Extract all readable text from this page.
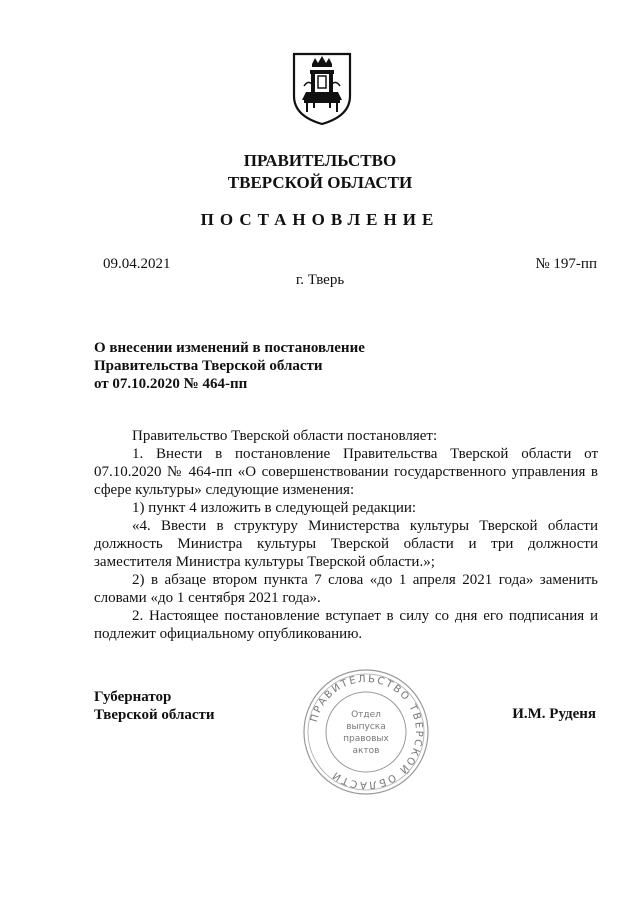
ПРАВИТЕЛЬСТВО
ТВЕРСКОЙ ОБЛАСТИ
ПОСТАНОВЛЕНИЕ
09.04.2021	№ 197-пп
г. Тверь
О внесении изменений в постановление
Правительства Тверской области
от 07.10.2020 № 464-пп

Правительство Тверской области постановляет:

1. Внести в постановление Правительства Тверской области от 07.10.2020 № 464-пп «О совершенствовании государственного управления в сфере культуры» следующие изменения:

1) пункт 4 изложить в следующей редакции:

«4. Ввести в структуру Министерства культуры Тверской области должность Министра культуры Тверской области и три должности заместителя Министра культуры Тверской области.»;

2) в абзаце втором пункта 7 слова «до 1 апреля 2021 года» заменить словами «до 1 сентября 2021 года».

2. Настоящее постановление вступает в силу со дня его подписания и подлежит официальному опубликованию.

Губернатор
Тверской области	И.М. Руденя
ПРАВИТЕЛЬСТВО ТВЕРСКОЙ ОБЛАСТИ
Отдел
выпуска
правовых
актов
